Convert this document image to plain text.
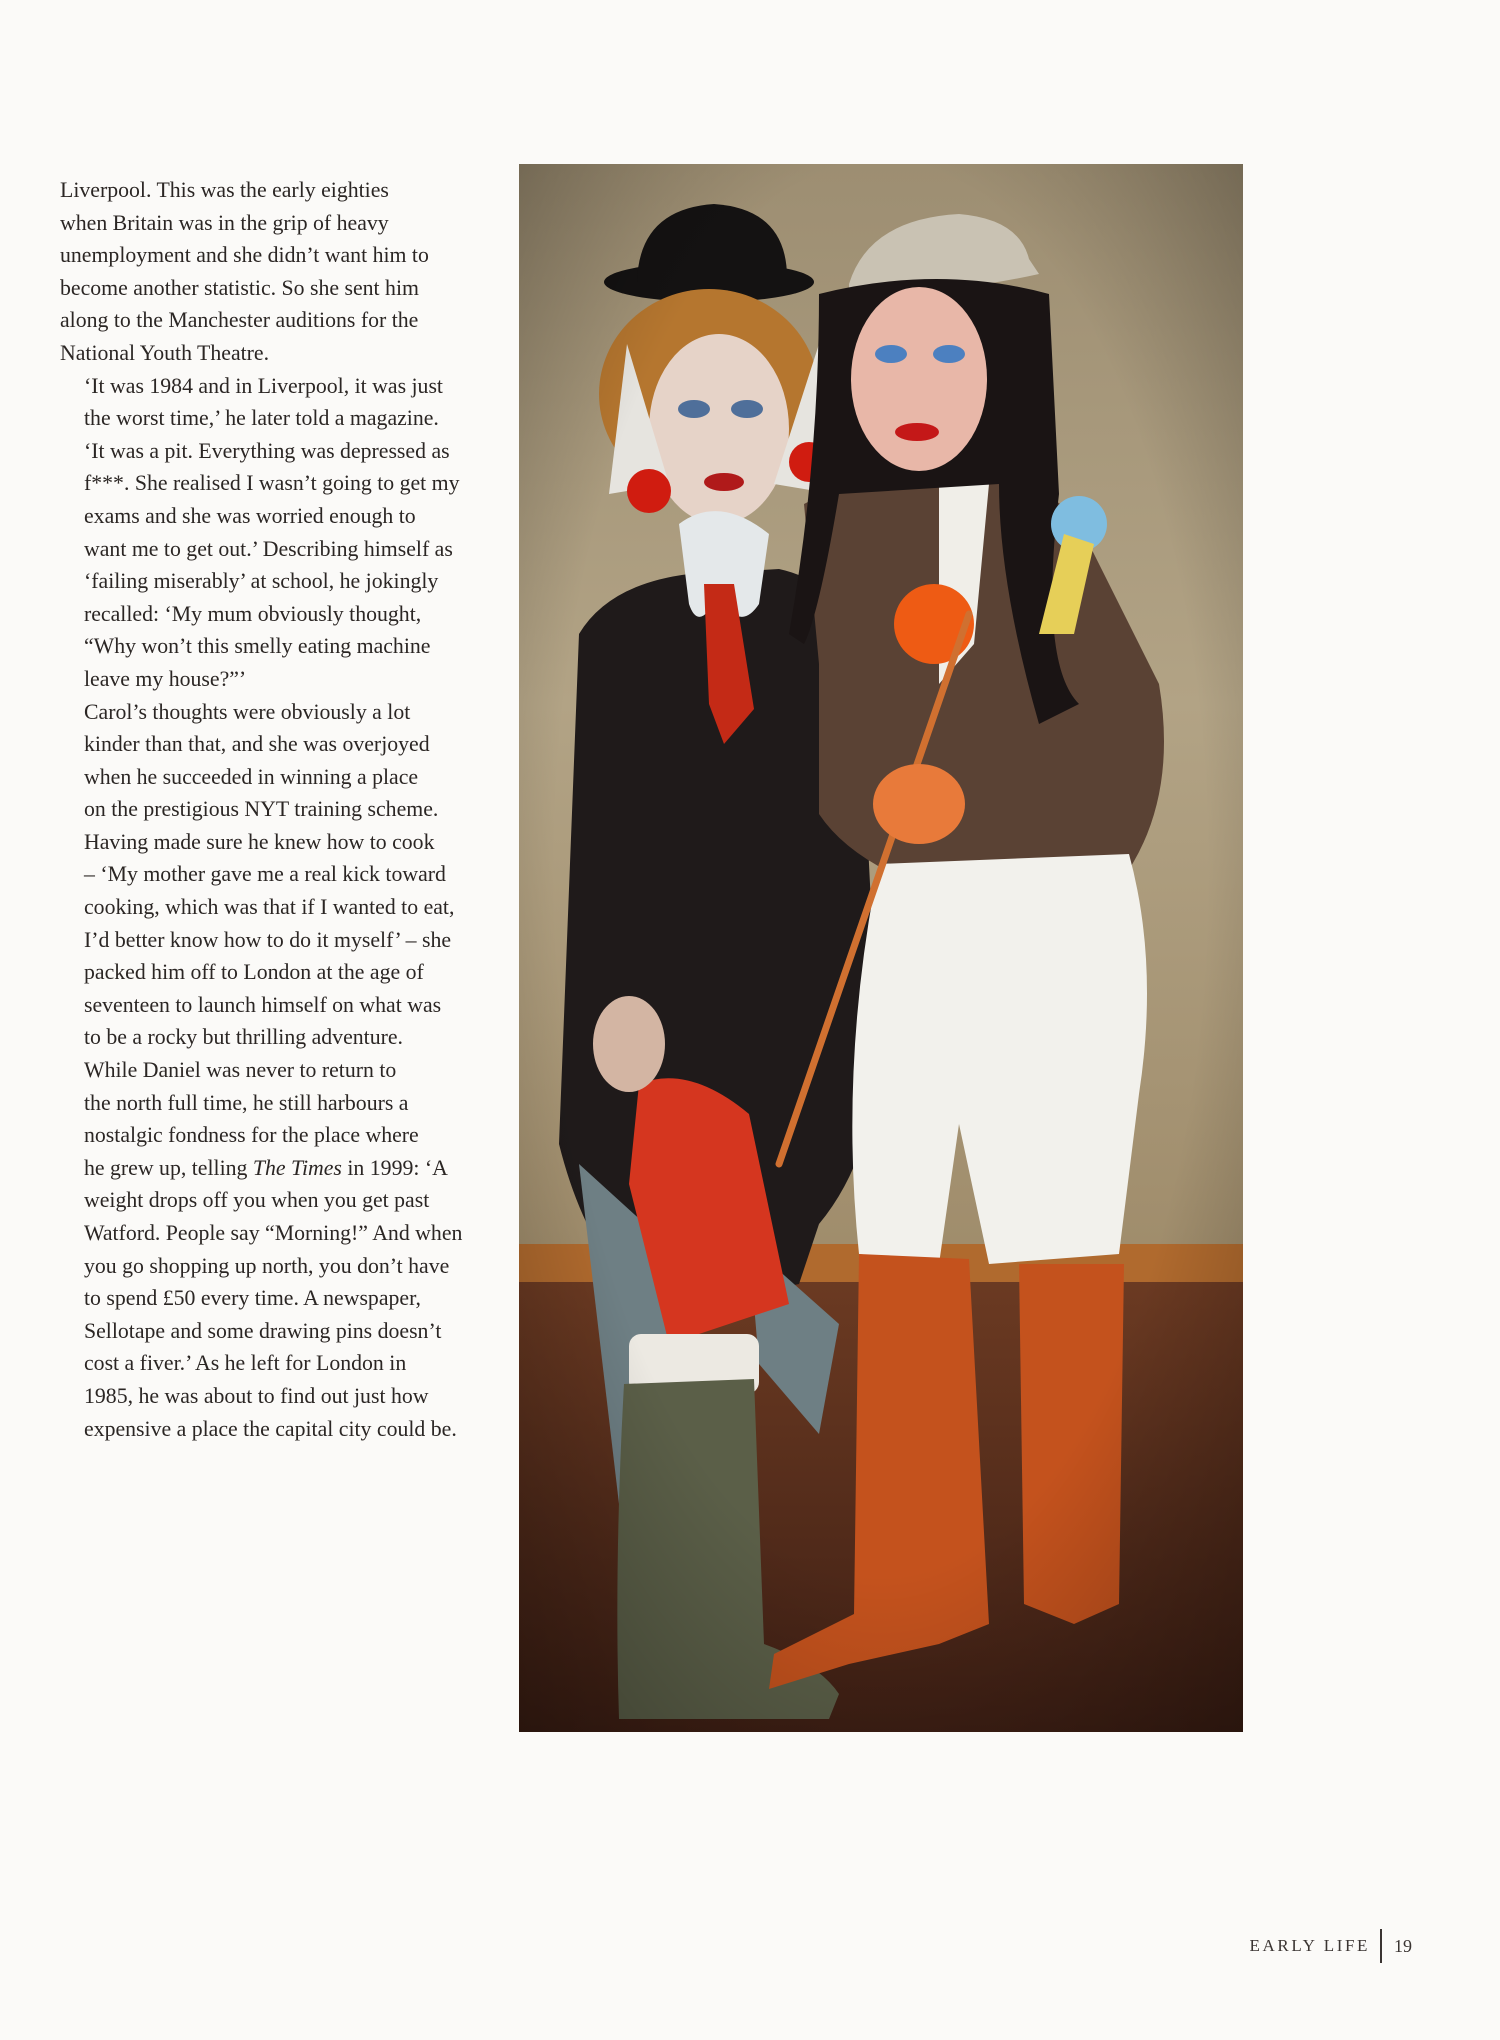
Liverpool. This was the early eighties
when Britain was in the grip of heavy
unemployment and she didn’t want him to
become another statistic. So she sent him
along to the Manchester auditions for the
National Youth Theatre.

‘It was 1984 and in Liverpool, it was just
the worst time,’ he later told a magazine.
‘It was a pit. Everything was depressed as
f***. She realised I wasn’t going to get my
exams and she was worried enough to
want me to get out.’ Describing himself as
‘failing miserably’ at school, he jokingly
recalled: ‘My mum obviously thought,
“Why won’t this smelly eating machine
leave my house?”’

Carol’s thoughts were obviously a lot
kinder than that, and she was overjoyed
when he succeeded in winning a place
on the prestigious NYT training scheme.
Having made sure he knew how to cook
– ‘My mother gave me a real kick toward
cooking, which was that if I wanted to eat,
I’d better know how to do it myself’ – she
packed him off to London at the age of
seventeen to launch himself on what was
to be a rocky but thrilling adventure.

While Daniel was never to return to
the north full time, he still harbours a
nostalgic fondness for the place where
he grew up, telling The Times in 1999: ‘A
weight drops off you when you get past
Watford. People say “Morning!” And when
you go shopping up north, you don’t have
to spend £50 every time. A newspaper,
Sellotape and some drawing pins doesn’t
cost a fiver.’ As he left for London in
1985, he was about to find out just how
expensive a place the capital city could be.

EARLY LIFE 19
